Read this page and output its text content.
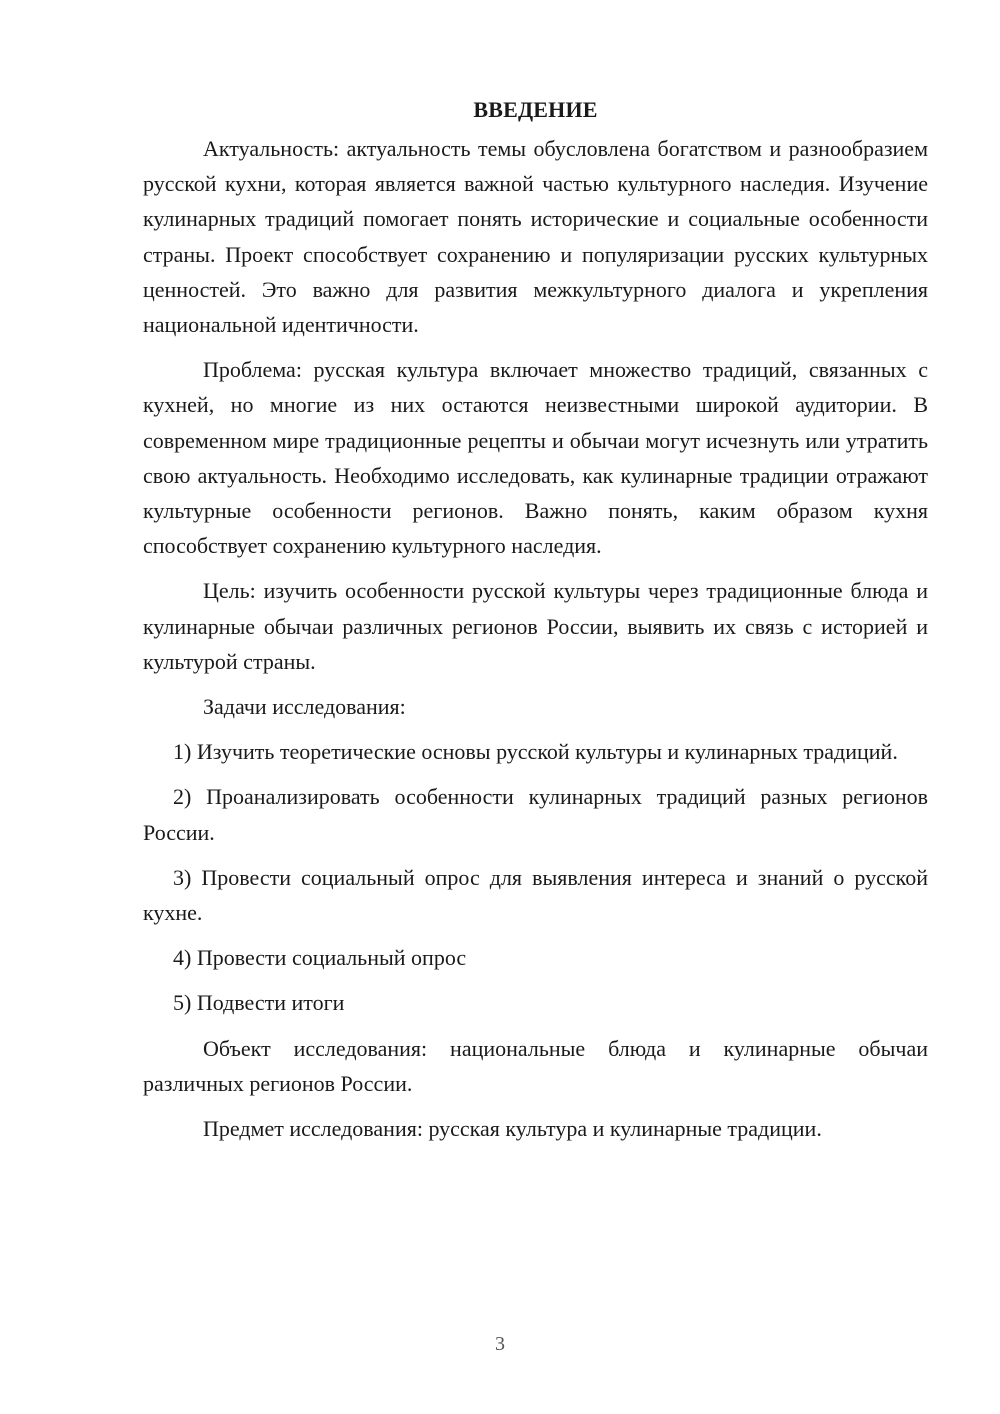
ВВЕДЕНИЕ

Актуальность: актуальность темы обусловлена богатством и разнообразием русской кухни, которая является важной частью культурного наследия. Изучение кулинарных традиций помогает понять исторические и социальные особенности страны. Проект способствует сохранению и популяризации русских культурных ценностей. Это важно для развития межкультурного диалога и укрепления национальной идентичности.

Проблема: русская культура включает множество традиций, связанных с кухней, но многие из них остаются неизвестными широкой аудитории. В современном мире традиционные рецепты и обычаи могут исчезнуть или утратить свою актуальность. Необходимо исследовать, как кулинарные традиции отражают культурные особенности регионов. Важно понять, каким образом кухня способствует сохранению культурного наследия.

Цель: изучить особенности русской культуры через традиционные блюда и кулинарные обычаи различных регионов России, выявить их связь с историей и культурой страны.

Задачи исследования:

1) Изучить теоретические основы русской культуры и кулинарных традиций.

2) Проанализировать особенности кулинарных традиций разных регионов России.

3) Провести социальный опрос для выявления интереса и знаний о русской кухне.

4) Провести социальный опрос

5) Подвести итоги

Объект исследования: национальные блюда и кулинарные обычаи различных регионов России.

Предмет исследования: русская культура и кулинарные традиции.

3
